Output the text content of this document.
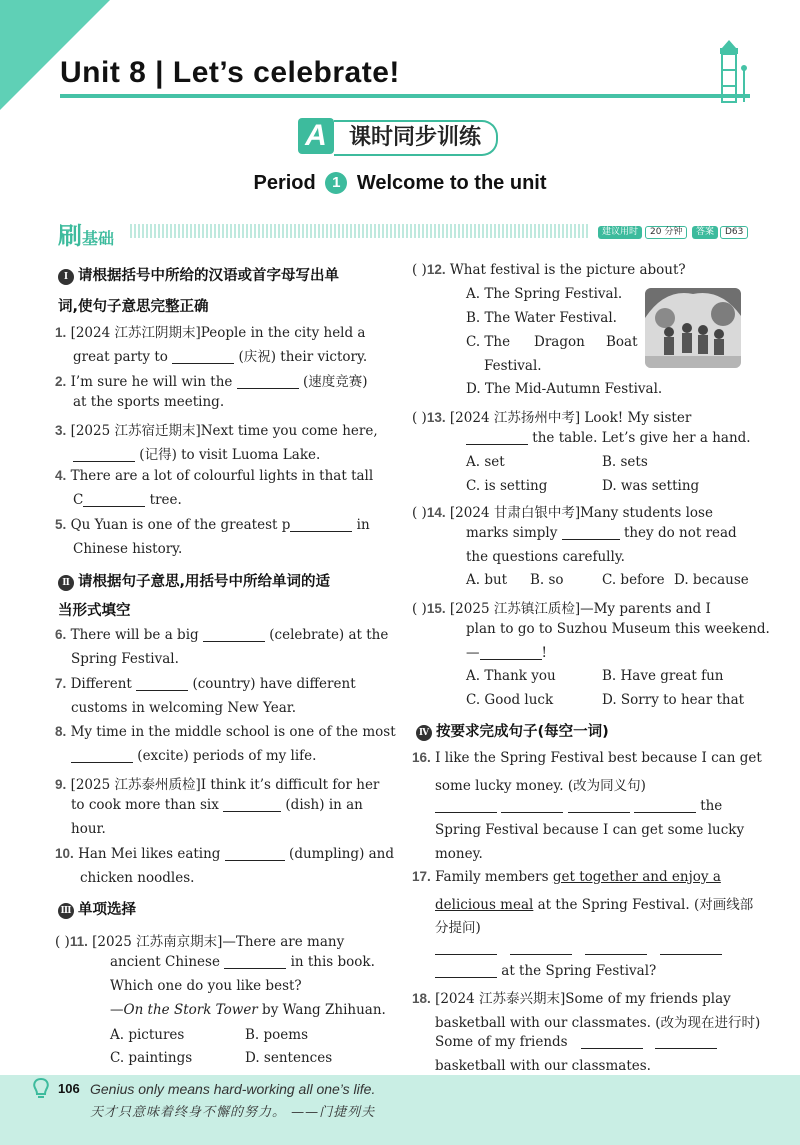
Unit 8 | Let’s celebrate!
A	课时同步训练
Period 1 Welcome to the unit
刷基础	建议用时	20 分钟	答案	D63
Ⅰ 请根据括号中所给的汉语或首字母写出单
词,使句子意思完整正确
1. [2024 江苏江阴期末]People in the city held a
great party to	(庆祝) their victory.
2. I’m sure he will win the	(速度竞赛)
at the sports meeting.
3. [2025 江苏宿迁期末]Next time you come here,
(记得) to visit Luoma Lake.
4. There are a lot of colourful lights in that tall
C	tree.
5. Qu Yuan is one of the greatest p	in
Chinese history.
Ⅱ 请根据句子意思,用括号中所给单词的适
当形式填空
6. There will be a big	(celebrate) at the
Spring Festival.
7. Different	(country) have different
customs in welcoming New Year.
8. My time in the middle school is one of the most
(excite) periods of my life.
9. [2025 江苏泰州质检]I think it’s difficult for her
to cook more than six	(dish) in an
hour.
10. Han Mei likes eating	(dumpling) and
chicken noodles.
Ⅲ 单项选择
( )11. [2025 江苏南京期末]—There are many
ancient Chinese	in this book.
Which one do you like best?
—On the Stork Tower by Wang Zhihuan.
A. pictures	B. poems
C. paintings	D. sentences
( )12. What festival is the picture about?
A. The Spring Festival.
B. The Water Festival.
C. The Dragon Boat
Festival.
D. The Mid-Autumn Festival.
( )13. [2024 江苏扬州中考] Look! My sister
the table. Let’s give her a hand.
A. set	B. sets
C. is setting	D. was setting
( )14. [2024 甘肃白银中考]Many students lose
marks simply	they do not read
the questions carefully.
A. but B. so	C. before D. because
( )15. [2025 江苏镇江质检]—My parents and I
plan to go to Suzhou Museum this weekend.
—	!
A. Thank you	B. Have great fun
C. Good luck	D. Sorry to hear that
Ⅳ 按要求完成句子(每空一词)
16. I like the Spring Festival best because I can get
some lucky money. (改为同义句)
the
Spring Festival because I can get some lucky
money.
17. Family members get together and enjoy a
delicious meal at the Spring Festival. (对画线部
分提问)

at the Spring Festival?
18. [2024 江苏泰兴期末]Some of my friends play
basketball with our classmates. (改为现在进行时)
Some of my friends
basketball with our classmates.
106 Genius only means hard-working all one’s life.
天才只意味着终身不懈的努力。 ——门捷列夫
